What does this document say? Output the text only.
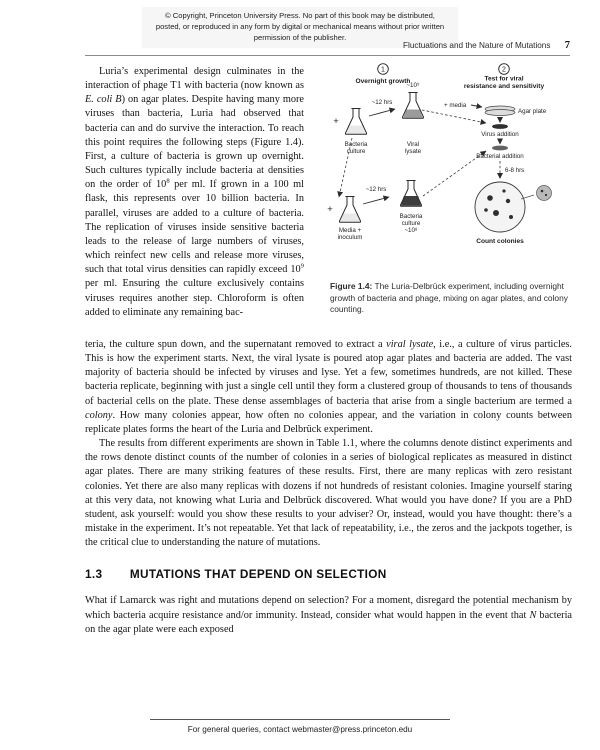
© Copyright, Princeton University Press. No part of this book may be distributed, posted, or reproduced in any form by digital or mechanical means without prior written permission of the publisher.
Fluctuations and the Nature of Mutations 7

Luria’s experimental design culminates in the interaction of phage T1 with bacteria (now known as E. coli B) on agar plates. Despite having many more viruses than bacteria, Luria had observed that bacteria can and do survive the interaction. To reach this point requires the following steps (Figure 1.4). First, a culture of bacteria is grown up overnight. Such cultures typically include bacteria at densities on the order of $10^8$ per ml. If grown in a 100 ml flask, this represents over 10 billion bacteria. In parallel, viruses are added to a culture of bacteria. The replication of viruses inside sensitive bacteria leads to the release of large numbers of viruses, which reinfect new cells and release more viruses, such that total virus densities can rapidly exceed $10^9$ per ml. Ensuring the culture exclusively contains viruses requires another step. Chloroform is often added to eliminate any remaining bac-

1
Overnight growth
2
Test for viral
resistance and sensitivity
+
~12 hrs
~10⁹
Bacteria
culture
Viral
lysate
+ media
Agar plate
Virus addition
Bacterial addition
6-8 hrs
Count colonies
+
~12 hrs
Media +
inoculum
Bacteria
culture
~10⁸
Figure 1.4: The Luria-Delbrück experiment, including overnight growth of bacteria and phage, mixing on agar plates, and colony counting.

teria, the culture spun down, and the supernatant removed to extract a viral lysate, i.e., a culture of virus particles. This is how the experiment starts. Next, the viral lysate is poured atop agar plates and bacteria are added. The vast majority of bacteria should be infected by viruses and lyse. Yet a few, sometimes hundreds, are not killed. These bacteria replicate, beginning with just a single cell until they form a clustered group of thousands to tens of thousands of bacterial cells on the plate. These dense assemblages of bacteria that arise from a single bacterium are termed a colony. How many colonies appear, how often no colonies appear, and the variation in colony counts between replicate plates forms the heart of the Luria and Delbrück experiment.

The results from different experiments are shown in Table 1.1, where the columns denote distinct experiments and the rows denote distinct counts of the number of colonies in a series of biological replicates as measured in distinct agar plates. There are many striking features of these results. First, there are many replicas with zero resistant colonies. Yet there are also many replicas with dozens if not hundreds of resistant colonies. Imagine yourself staring at this very data, not knowing what Luria and Delbrück discovered. What would you have done? If you are a PhD student, ask yourself: would you show these results to your adviser? Or, instead, would you have thought: there’s a mistake in the experiment. It’s not repeatable. Yet that lack of repeatability, i.e., the zeros and the jackpots together, is the critical clue to understanding the nature of mutations.

1.3 MUTATIONS THAT DEPEND ON SELECTION

What if Lamarck was right and mutations depend on selection? For a moment, disregard the potential mechanism by which bacteria acquire resistance and/or immunity. Instead, consider what would happen in the event that N bacteria on the agar plate were each exposed

For general queries, contact webmaster@press.princeton.edu
